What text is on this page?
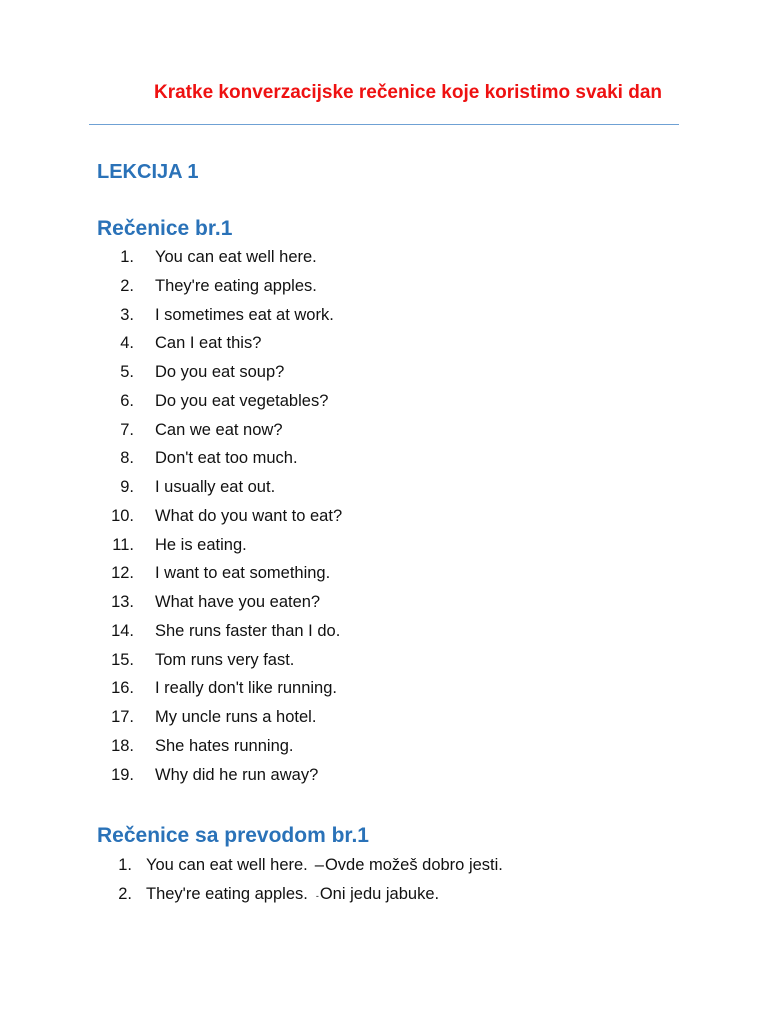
Kratke konverzacijske rečenice koje koristimo svaki dan
LEKCIJA 1
Rečenice br.1
1. You can eat well here.
2. They're eating apples.
3. I sometimes eat at work.
4. Can I eat this?
5. Do you eat soup?
6. Do you eat vegetables?
7. Can we eat now?
8. Don't eat too much.
9. I usually eat out.
10. What do you want to eat?
11. He is eating.
12. I want to eat something.
13. What have you eaten?
14. She runs faster than I do.
15. Tom runs very fast.
16. I really don't like running.
17. My uncle runs a hotel.
18. She hates running.
19. Why did he run away?
Rečenice sa prevodom br.1
1. You can eat well here. –Ovde možeš dobro jesti.
2. They're eating apples. -Oni jedu jabuke.
